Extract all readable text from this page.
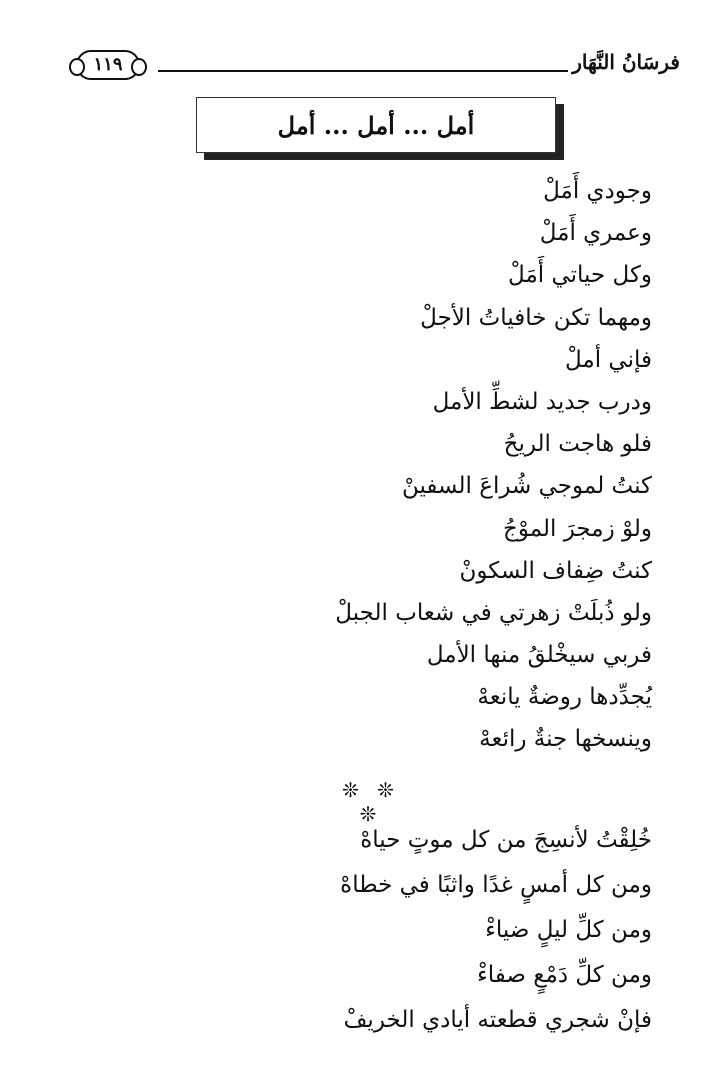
١١٩	فرسَانُ النَّهَار
أمل ... أمل ... أمل
وجودي أَمَلْ
وعمري أَمَلْ
وكل حياتي أَمَلْ
ومهما تكن خافياتُ الأجلْ
فإني أملْ
ودرب جديد لشطِّ الأمل
فلو هاجت الريحُ
كنتُ لموجي شُراعَ السفينْ
ولوْ زمجرَ الموْجُ
كنتُ ضِفاف السكونْ
ولو ذُبلَتْ زهرتي في شعاب الجبلْ
فربي سيخْلقُ منها الأمل
يُجدِّدها روضةٌ يانعهْ
وينسخها جنةٌ رائعهْ
❊ ❊ ❊
خُلِقْتُ لأنسِجَ من كل موتٍ حياهْ
ومن كل أمسٍ غدًا واثبًا في خطاهْ
ومن كلِّ ليلٍ ضياءْ
ومن كلِّ دَمْعٍ صفاءْ
فإنْ شجري قطعته أيادي الخريفْ
